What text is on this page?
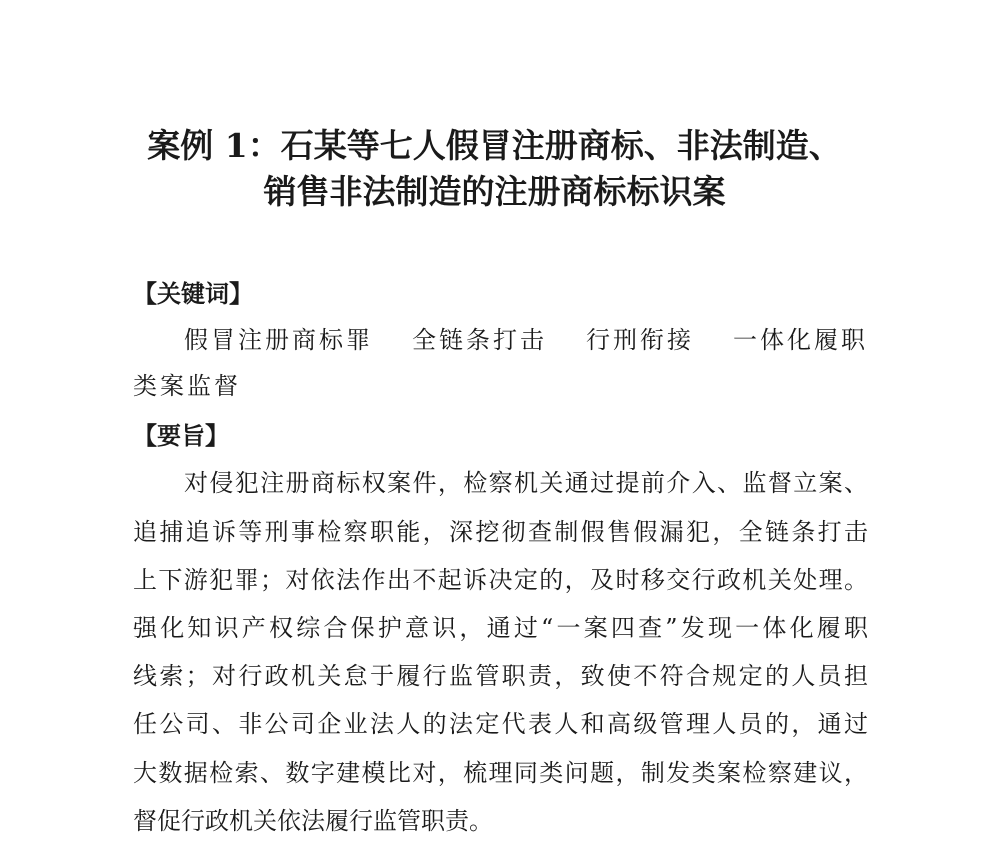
案例 1：石某等七人假冒注册商标、非法制造、
销售非法制造的注册商标标识案
【关键词】
假冒注册商标罪 全链条打击 行刑衔接 一体化履职
类案监督
【要旨】
对侵犯注册商标权案件，检察机关通过提前介入、监督立案、
追捕追诉等刑事检察职能，深挖彻查制假售假漏犯，全链条打击
上下游犯罪；对依法作出不起诉决定的，及时移交行政机关处理。
强化知识产权综合保护意识，通过“一案四查”发现一体化履职
线索；对行政机关怠于履行监管职责，致使不符合规定的人员担
任公司、非公司企业法人的法定代表人和高级管理人员的，通过
大数据检索、数字建模比对，梳理同类问题，制发类案检察建议，
督促行政机关依法履行监管职责。
